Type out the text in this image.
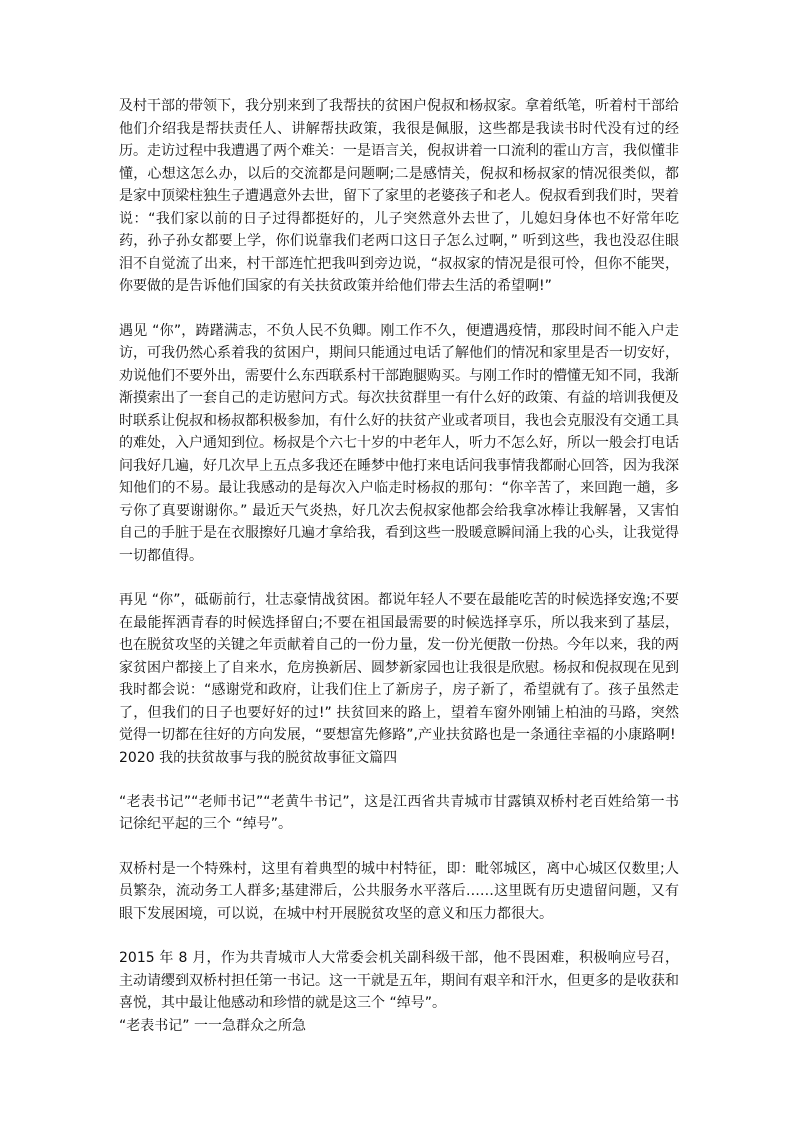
及村干部的带领下，我分别来到了我帮扶的贫困户倪叔和杨叔家。拿着纸笔，听着村干部给他们介绍我是帮扶责任人、讲解帮扶政策，我很是佩服，这些都是我读书时代没有过的经历。走访过程中我遭遇了两个难关：一是语言关，倪叔讲着一口流利的霍山方言，我似懂非懂，心想这怎么办，以后的交流都是问题啊;二是感情关，倪叔和杨叔家的情况很类似，都是家中顶梁柱独生子遭遇意外去世，留下了家里的老婆孩子和老人。倪叔看到我们时，哭着说：“我们家以前的日子过得都挺好的，儿子突然意外去世了，儿媳妇身体也不好常年吃药，孙子孙女都要上学，你们说靠我们老两口这日子怎么过啊，” 听到这些，我也没忍住眼泪不自觉流了出来，村干部连忙把我叫到旁边说，“叔叔家的情况是很可怜，但你不能哭，你要做的是告诉他们国家的有关扶贫政策并给他们带去生活的希望啊!”

遇见 “你”，踌躇满志，不负人民不负卿。刚工作不久，便遭遇疫情，那段时间不能入户走访，可我仍然心系着我的贫困户，期间只能通过电话了解他们的情况和家里是否一切安好，劝说他们不要外出，需要什么东西联系村干部跑腿购买。与刚工作时的懵懂无知不同，我渐渐摸索出了一套自己的走访慰问方式。每次扶贫群里一有什么好的政策、有益的培训我便及时联系让倪叔和杨叔都积极参加，有什么好的扶贫产业或者项目，我也会克服没有交通工具的难处，入户通知到位。杨叔是个六七十岁的中老年人，听力不怎么好，所以一般会打电话问我好几遍，好几次早上五点多我还在睡梦中他打来电话问我事情我都耐心回答，因为我深知他们的不易。最让我感动的是每次入户临走时杨叔的那句：“你辛苦了，来回跑一趟，多亏你了真要谢谢你。” 最近天气炎热，好几次去倪叔家他都会给我拿冰棒让我解暑，又害怕自己的手脏于是在衣服擦好几遍才拿给我，看到这些一股暖意瞬间涌上我的心头，让我觉得一切都值得。

再见 “你”，砥砺前行，壮志豪情战贫困。都说年轻人不要在最能吃苦的时候选择安逸;不要在最能挥洒青春的时候选择留白;不要在祖国最需要的时候选择享乐，所以我来到了基层，也在脱贫攻坚的关键之年贡献着自己的一份力量，发一份光便散一份热。今年以来，我的两家贫困户都接上了自来水，危房换新居、圆梦新家园也让我很是欣慰。杨叔和倪叔现在见到我时都会说：“感谢党和政府，让我们住上了新房子，房子新了，希望就有了。孩子虽然走了，但我们的日子也要好好的过!” 扶贫回来的路上，望着车窗外刚铺上柏油的马路，突然觉得一切都在往好的方向发展，“要想富先修路”,产业扶贫路也是一条通往幸福的小康路啊!

2020 我的扶贫故事与我的脱贫故事征文篇四

“老表书记”“老师书记”“老黄牛书记”，这是江西省共青城市甘露镇双桥村老百姓给第一书记徐纪平起的三个 “绰号”。

双桥村是一个特殊村，这里有着典型的城中村特征，即：毗邻城区，离中心城区仅数里;人员繁杂，流动务工人群多;基建滞后，公共服务水平落后……这里既有历史遗留问题，又有眼下发展困境，可以说，在城中村开展脱贫攻坚的意义和压力都很大。

2015 年 8 月，作为共青城市人大常委会机关副科级干部，他不畏困难，积极响应号召，主动请缨到双桥村担任第一书记。这一干就是五年，期间有艰辛和汗水，但更多的是收获和喜悦，其中最让他感动和珍惜的就是这三个 “绰号”。

“老表书记” 一一急群众之所急
